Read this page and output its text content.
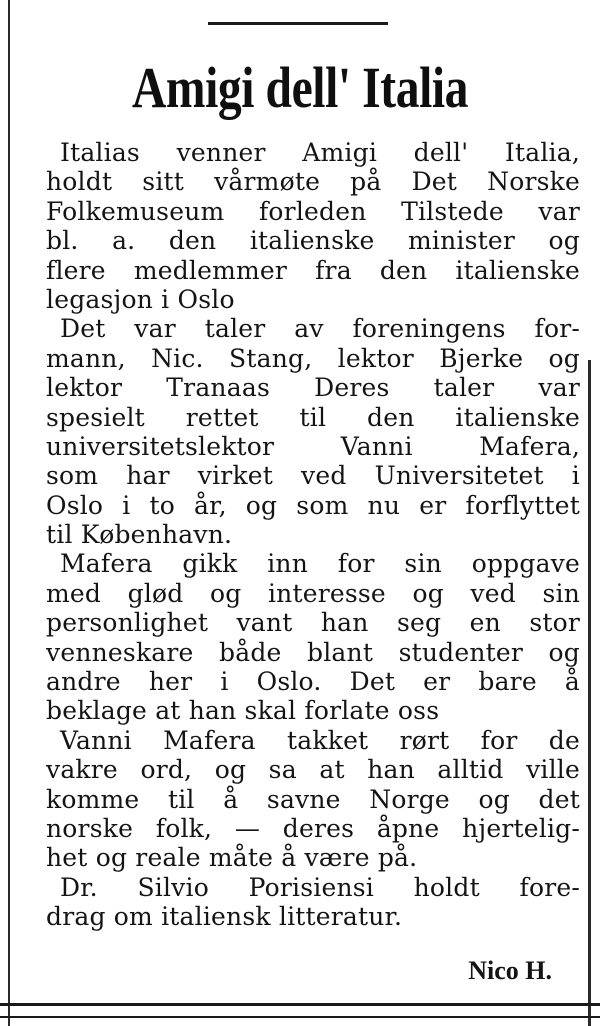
Amigi dell' Italia
Italias venner Amigi dell' Italia,
holdt sitt vårmøte på Det Norske
Folkemuseum forleden Tilstede var
bl. a. den italienske minister og
flere medlemmer fra den italienske
legasjon i Oslo
Det var taler av foreningens for-
mann, Nic. Stang, lektor Bjerke og
lektor Tranaas Deres taler var
spesielt rettet til den italienske
universitetslektor Vanni Mafera,
som har virket ved Universitetet i
Oslo i to år, og som nu er forflyttet
til København.
Mafera gikk inn for sin oppgave
med glød og interesse og ved sin
personlighet vant han seg en stor
venneskare både blant studenter og
andre her i Oslo. Det er bare å
beklage at han skal forlate oss
Vanni Mafera takket rørt for de
vakre ord, og sa at han alltid ville
komme til å savne Norge og det
norske folk, — deres åpne hjertelig-
het og reale måte å være på.
Dr. Silvio Porisiensi holdt fore-
drag om italiensk litteratur.
Nico H.
